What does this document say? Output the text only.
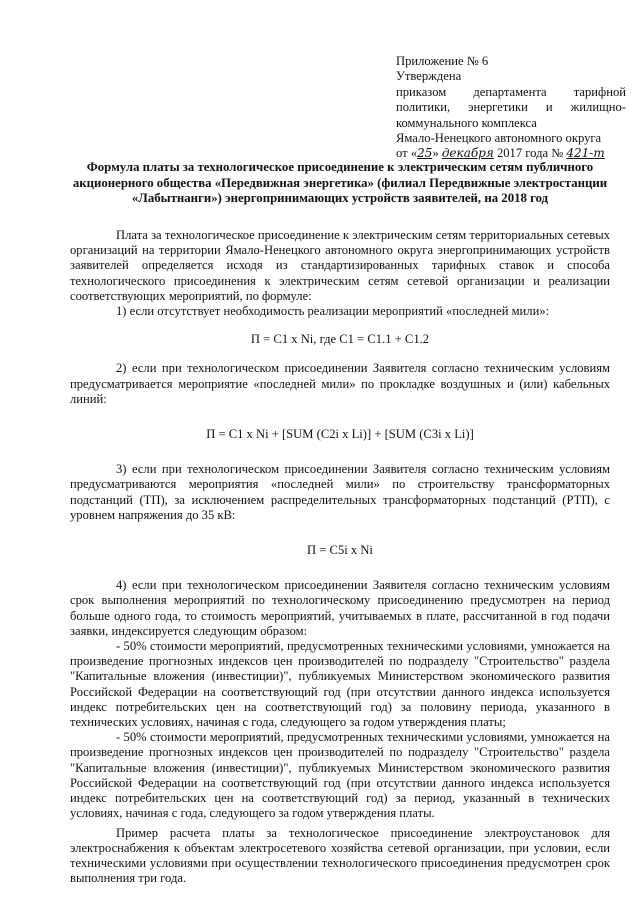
Приложение № 6
Утверждена
приказом департамента тарифной
политики, энергетики и жилищно-
коммунального комплекса
Ямало-Ненецкого автономного округа
от «25» декабря 2017 года № 421-т
Формула платы за технологическое присоединение к электрическим сетям публичного акционерного общества «Передвижная энергетика» (филиал Передвижные электростанции «Лабытнанги») энергопринимающих устройств заявителей, на 2018 год

Плата за технологическое присоединение к электрическим сетям территориальных сетевых организаций на территории Ямало-Ненецкого автономного округа энергопринимающих устройств заявителей определяется исходя из стандартизированных тарифных ставок и способа технологического присоединения к электрическим сетям сетевой организации и реализации соответствующих мероприятий, по формуле:

1) если отсутствует необходимость реализации мероприятий «последней мили»:

П = С1 x Ni, где С1 = С1.1 + С1.2

2) если при технологическом присоединении Заявителя согласно техническим условиям предусматривается мероприятие «последней мили» по прокладке воздушных и (или) кабельных линий:

П = С1 x Ni + [SUM (C2i x Li)] + [SUM (C3i x Li)]

3) если при технологическом присоединении Заявителя согласно техническим условиям предусматриваются мероприятия «последней мили» по строительству трансформаторных подстанций (ТП), за исключением распределительных трансформаторных подстанций (РТП), с уровнем напряжения до 35 кВ:

П = С5i x Ni

4) если при технологическом присоединении Заявителя согласно техническим условиям срок выполнения мероприятий по технологическому присоединению предусмотрен на период больше одного года, то стоимость мероприятий, учитываемых в плате, рассчитанной в год подачи заявки, индексируется следующим образом:

- 50% стоимости мероприятий, предусмотренных техническими условиями, умножается на произведение прогнозных индексов цен производителей по подразделу "Строительство" раздела "Капитальные вложения (инвестиции)", публикуемых Министерством экономического развития Российской Федерации на соответствующий год (при отсутствии данного индекса используется индекс потребительских цен на соответствующий год) за половину периода, указанного в технических условиях, начиная с года, следующего за годом утверждения платы;

- 50% стоимости мероприятий, предусмотренных техническими условиями, умножается на произведение прогнозных индексов цен производителей по подразделу "Строительство" раздела "Капитальные вложения (инвестиции)", публикуемых Министерством экономического развития Российской Федерации на соответствующий год (при отсутствии данного индекса используется индекс потребительских цен на соответствующий год) за период, указанный в технических условиях, начиная с года, следующего за годом утверждения платы.

Пример расчета платы за технологическое присоединение электроустановок для электроснабжения к объектам электросетевого хозяйства сетевой организации, при условии, если техническими условиями при осуществлении технологического присоединения предусмотрен срок выполнения три года.
